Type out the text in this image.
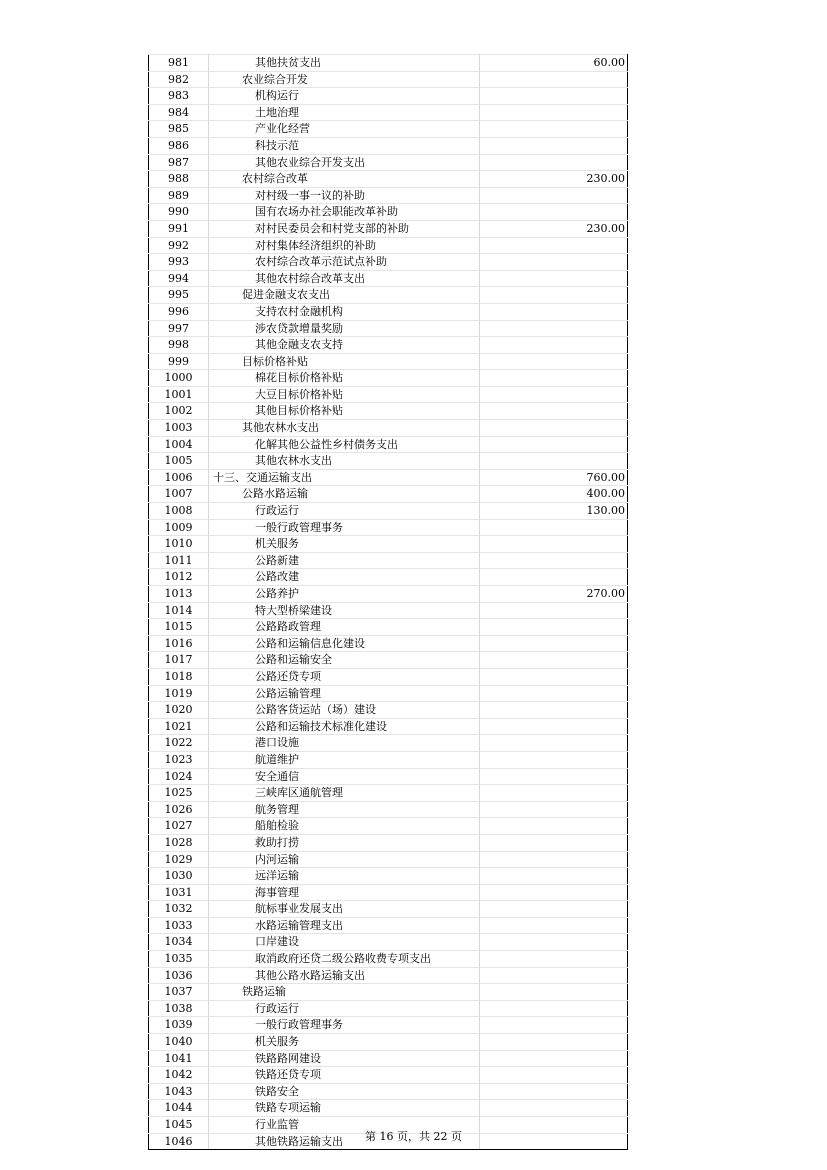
981	其他扶贫支出	60.00
982	农业综合开发	
983	机构运行	
984	土地治理	
985	产业化经营	
986	科技示范	
987	其他农业综合开发支出	
988	农村综合改革	230.00
989	对村级一事一议的补助	
990	国有农场办社会职能改革补助	
991	对村民委员会和村党支部的补助	230.00
992	对村集体经济组织的补助	
993	农村综合改革示范试点补助	
994	其他农村综合改革支出	
995	促进金融支农支出	
996	支持农村金融机构	
997	涉农贷款增量奖励	
998	其他金融支农支持	
999	目标价格补贴	
1000	棉花目标价格补贴	
1001	大豆目标价格补贴	
1002	其他目标价格补贴	
1003	其他农林水支出	
1004	化解其他公益性乡村债务支出	
1005	其他农林水支出	
1006	十三、交通运输支出	760.00
1007	公路水路运输	400.00
1008	行政运行	130.00
1009	一般行政管理事务	
1010	机关服务	
1011	公路新建	
1012	公路改建	
1013	公路养护	270.00
1014	特大型桥梁建设	
1015	公路路政管理	
1016	公路和运输信息化建设	
1017	公路和运输安全	
1018	公路还贷专项	
1019	公路运输管理	
1020	公路客货运站（场）建设	
1021	公路和运输技术标准化建设	
1022	港口设施	
1023	航道维护	
1024	安全通信	
1025	三峡库区通航管理	
1026	航务管理	
1027	船舶检验	
1028	救助打捞	
1029	内河运输	
1030	远洋运输	
1031	海事管理	
1032	航标事业发展支出	
1033	水路运输管理支出	
1034	口岸建设	
1035	取消政府还贷二级公路收费专项支出	
1036	其他公路水路运输支出	
1037	铁路运输	
1038	行政运行	
1039	一般行政管理事务	
1040	机关服务	
1041	铁路路网建设	
1042	铁路还贷专项	
1043	铁路安全	
1044	铁路专项运输	
1045	行业监管	
1046	其他铁路运输支出		第 16 页，共 22 页
